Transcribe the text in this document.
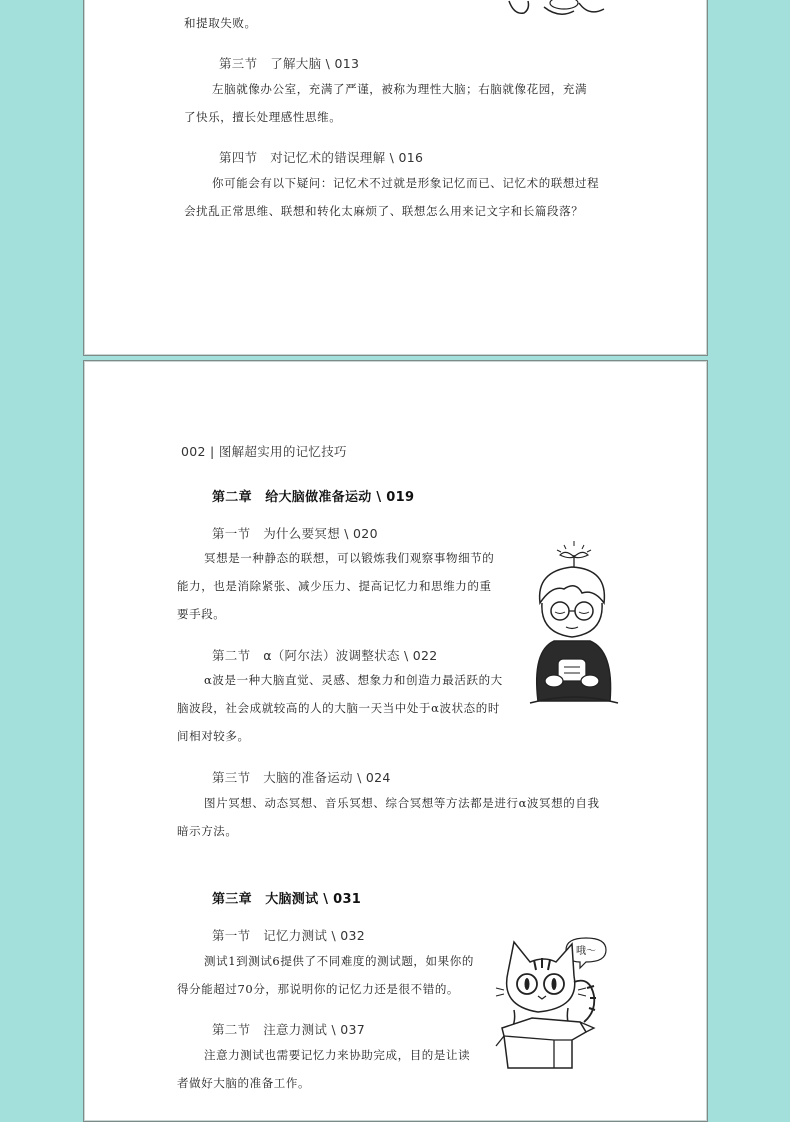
和提取失败。
第三节　了解大脑 \ 013
左脑就像办公室，充满了严谨，被称为理性大脑；右脑就像花园，充满
了快乐，擅长处理感性思维。
第四节　对记忆术的错误理解 \ 016
你可能会有以下疑问：记忆术不过就是形象记忆而已、记忆术的联想过程
会扰乱正常思维、联想和转化太麻烦了、联想怎么用来记文字和长篇段落？
002 | 图解超实用的记忆技巧
第二章　给大脑做准备运动 \ 019
第一节　为什么要冥想 \ 020
冥想是一种静态的联想，可以锻炼我们观察事物细节的
能力，也是消除紧张、减少压力、提高记忆力和思维力的重
要手段。
第二节　α（阿尔法）波调整状态 \ 022
α波是一种大脑直觉、灵感、想象力和创造力最活跃的大
脑波段，社会成就较高的人的大脑一天当中处于α波状态的时
间相对较多。
第三节　大脑的准备运动 \ 024
图片冥想、动态冥想、音乐冥想、综合冥想等方法都是进行α波冥想的自我
暗示方法。
第三章　大脑测试 \ 031
第一节　记忆力测试 \ 032
测试1到测试6提供了不同难度的测试题，如果你的
得分能超过70分，那说明你的记忆力还是很不错的。
第二节　注意力测试 \ 037
注意力测试也需要记忆力来协助完成，目的是让读
者做好大脑的准备工作。
哦～
